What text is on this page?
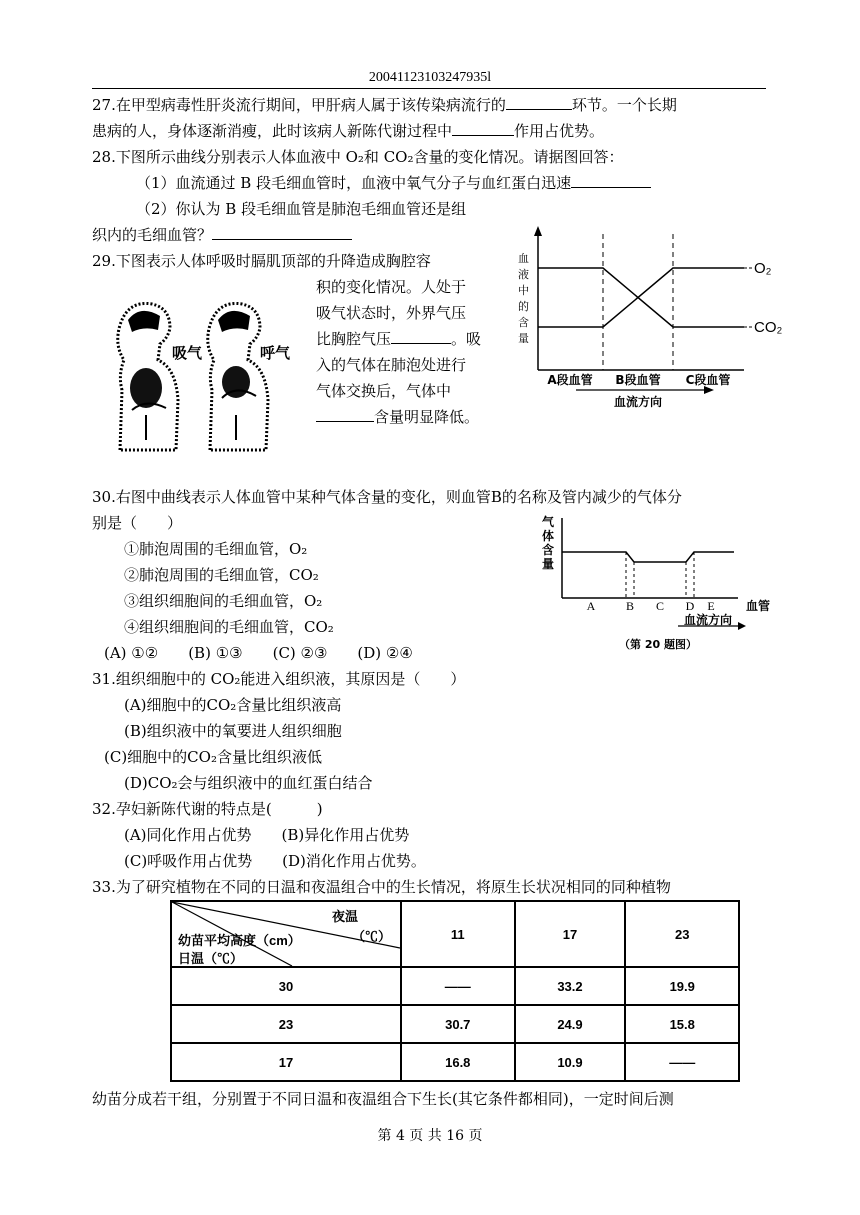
20041123103247935l
27.在甲型病毒性肝炎流行期间，甲肝病人属于该传染病流行的	环节。一个长期
患病的人，身体逐渐消瘦，此时该病人新陈代谢过程中	作用占优势。
28.下图所示曲线分别表示人体血液中 O₂和 CO₂含量的变化情况。请据图回答：
（1）血流通过 B 段毛细血管时，血液中氧气分子与血红蛋白迅速
（2）你认为 B 段毛细血管是肺泡毛细血管还是组
织内的毛细血管？
29.下图表示人体呼吸时膈肌顶部的升降造成胸腔容
吸气	呼气
积的变化情况。人处于
吸气状态时，外界气压
比胸腔气压	。吸
入的气体在肺泡处进行
气体交换后，气体中
含量明显降低。
血液中的含量
O₂
CO₂
A段血管 B段血管 C段血管
血流方向
30.右图中曲线表示人体血管中某种气体含量的变化，则血管B的名称及管内减少的气体分
别是（　　）
①肺泡周围的毛细血管，O₂
②肺泡周围的毛细血管，CO₂
③组织细胞间的毛细血管，O₂
④组织细胞间的毛细血管，CO₂
(A) ①②　　(B) ①③　　(C) ②③　　(D) ②④
气体含量
A	B C D E	血管
血流方向
（第 20 题图）
31.组织细胞中的 CO₂能进入组织液，其原因是（　　）
(A)细胞中的CO₂含量比组织液高
(B)组织液中的氧要进人组织细胞
(C)细胞中的CO₂含量比组织液低
(D)CO₂会与组织液中的血红蛋白结合
32.孕妇新陈代谢的特点是(　　　)
(A)同化作用占优势　　(B)异化作用占优势
(C)呼吸作用占优势　　(D)消化作用占优势。
33.为了研究植物在不同的日温和夜温组合中的生长情况，将原生长状况相同的同种植物
夜温
（℃）
幼苗平均高度（cm）
日温（℃）	11	17	23
30	——	33.2	19.9
23	30.7	24.9	15.8
17	16.8	10.9	——
幼苗分成若干组，分别置于不同日温和夜温组合下生长(其它条件都相同)，一定时间后测
第 4 页 共 16 页
